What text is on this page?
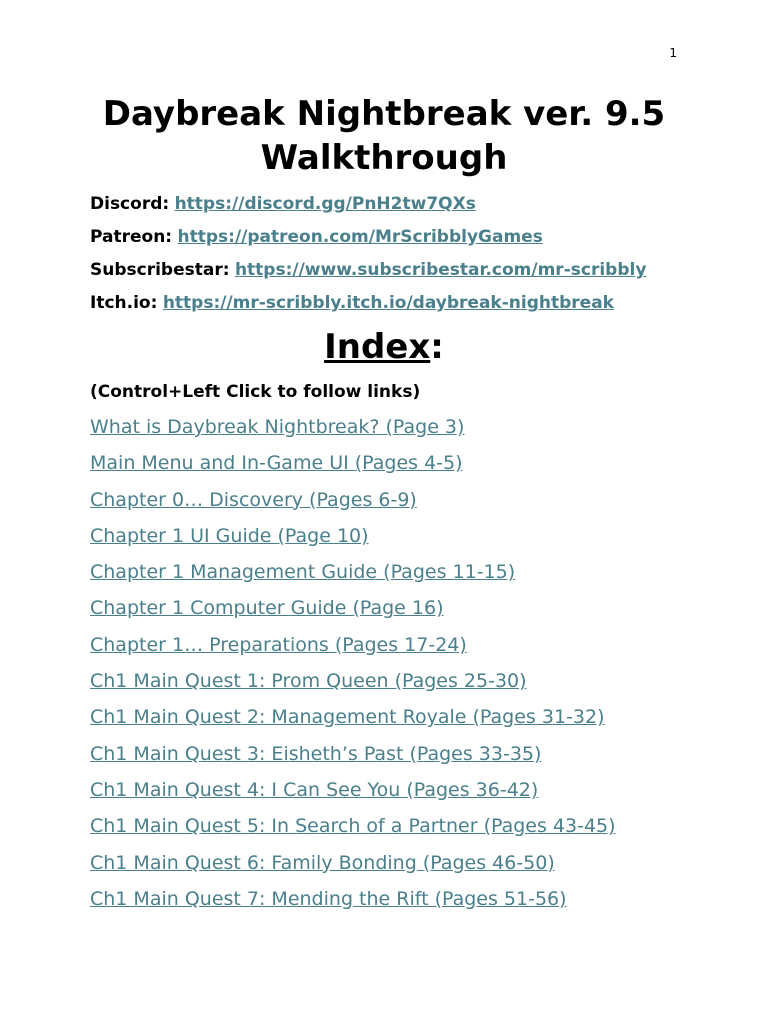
1
Daybreak Nightbreak ver. 9.5
Walkthrough
Discord: https://discord.gg/PnH2tw7QXs
Patreon: https://patreon.com/MrScribblyGames
Subscribestar: https://www.subscribestar.com/mr-scribbly
Itch.io: https://mr-scribbly.itch.io/daybreak-nightbreak
Index:
(Control+Left Click to follow links)
What is Daybreak Nightbreak? (Page 3)
Main Menu and In-Game UI (Pages 4-5)
Chapter 0… Discovery (Pages 6-9)
Chapter 1 UI Guide (Page 10)
Chapter 1 Management Guide (Pages 11-15)
Chapter 1 Computer Guide (Page 16)
Chapter 1… Preparations (Pages 17-24)
Ch1 Main Quest 1: Prom Queen (Pages 25-30)
Ch1 Main Quest 2: Management Royale (Pages 31-32)
Ch1 Main Quest 3: Eisheth’s Past (Pages 33-35)
Ch1 Main Quest 4: I Can See You (Pages 36-42)
Ch1 Main Quest 5: In Search of a Partner (Pages 43-45)
Ch1 Main Quest 6: Family Bonding (Pages 46-50)
Ch1 Main Quest 7: Mending the Rift (Pages 51-56)
